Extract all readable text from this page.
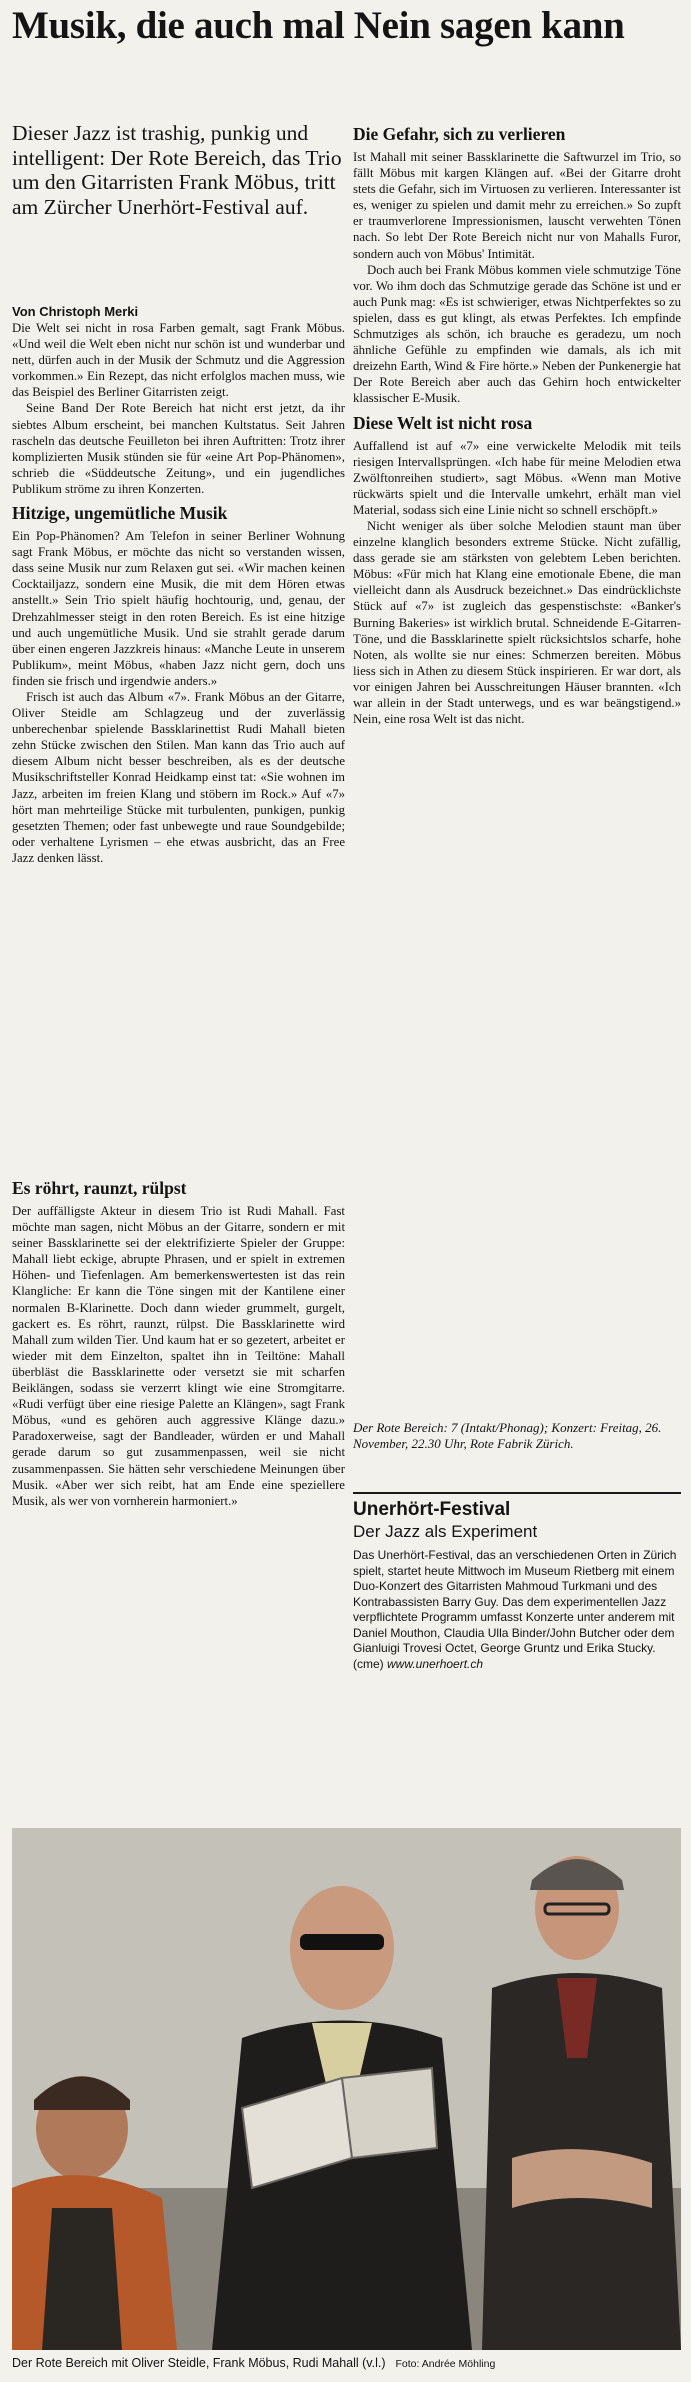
Musik, die auch mal Nein sagen kann

Dieser Jazz ist trashig, punkig und intelligent: Der Rote Bereich, das Trio um den Gitarristen Frank Möbus, tritt am Zürcher Unerhört-Festival auf.

Von Christoph Merki

Die Welt sei nicht in rosa Farben gemalt, sagt Frank Möbus. «Und weil die Welt eben nicht nur schön ist und wunderbar und nett, dürfen auch in der Musik der Schmutz und die Aggression vorkommen.» Ein Rezept, das nicht erfolglos machen muss, wie das Beispiel des Berliner Gitarristen zeigt.

Seine Band Der Rote Bereich hat nicht erst jetzt, da ihr siebtes Album erscheint, bei manchen Kultstatus. Seit Jahren rascheln das deutsche Feuilleton bei ihren Auftritten: Trotz ihrer komplizierten Musik stünden sie für «eine Art Pop-Phänomen», schrieb die «Süddeutsche Zeitung», und ein jugendliches Publikum ströme zu ihren Konzerten.

Hitzige, ungemütliche Musik

Ein Pop-Phänomen? Am Telefon in seiner Berliner Wohnung sagt Frank Möbus, er möchte das nicht so verstanden wissen, dass seine Musik nur zum Relaxen gut sei. «Wir machen keinen Cocktailjazz, sondern eine Musik, die mit dem Hören etwas anstellt.» Sein Trio spielt häufig hochtourig, und, genau, der Drehzahlmesser steigt in den roten Bereich. Es ist eine hitzige und auch ungemütliche Musik. Und sie strahlt gerade darum über einen engeren Jazzkreis hinaus: «Manche Leute in unserem Publikum», meint Möbus, «haben Jazz nicht gern, doch uns finden sie frisch und irgendwie anders.»

Frisch ist auch das Album «7». Frank Möbus an der Gitarre, Oliver Steidle am Schlagzeug und der zuverlässig unberechenbar spielende Bassklarinettist Rudi Mahall bieten zehn Stücke zwischen den Stilen. Man kann das Trio auch auf diesem Album nicht besser beschreiben, als es der deutsche Musikschriftsteller Konrad Heidkamp einst tat: «Sie wohnen im Jazz, arbeiten im freien Klang und stöbern im Rock.» Auf «7» hört man mehrteilige Stücke mit turbulenten, punkigen, punkig gesetzten Themen; oder fast unbewegte und raue Soundgebilde; oder verhaltene Lyrismen – ehe etwas ausbricht, das an Free Jazz denken lässt.

Es röhrt, raunzt, rülpst

Der auffälligste Akteur in diesem Trio ist Rudi Mahall. Fast möchte man sagen, nicht Möbus an der Gitarre, sondern er mit seiner Bassklarinette sei der elektrifizierte Spieler der Gruppe: Mahall liebt eckige, abrupte Phrasen, und er spielt in extremen Höhen- und Tiefenlagen. Am bemerkenswertesten ist das rein Klangliche: Er kann die Töne singen mit der Kantilene einer normalen B-Klarinette. Doch dann wieder grummelt, gurgelt, gackert es. Es röhrt, raunzt, rülpst. Die Bassklarinette wird Mahall zum wilden Tier. Und kaum hat er so gezetert, arbeitet er wieder mit dem Einzelton, spaltet ihn in Teiltöne: Mahall überbläst die Bassklarinette oder versetzt sie mit scharfen Beiklängen, sodass sie verzerrt klingt wie eine Stromgitarre. «Rudi verfügt über eine riesige Palette an Klängen», sagt Frank Möbus, «und es gehören auch aggressive Klänge dazu.» Paradoxerweise, sagt der Bandleader, würden er und Mahall gerade darum so gut zusammenpassen, weil sie nicht zusammenpassen. Sie hätten sehr verschiedene Meinungen über Musik. «Aber wer sich reibt, hat am Ende eine speziellere Musik, als wer von vornherein harmoniert.»

Die Gefahr, sich zu verlieren

Ist Mahall mit seiner Bassklarinette die Saftwurzel im Trio, so fällt Möbus mit kargen Klängen auf. «Bei der Gitarre droht stets die Gefahr, sich im Virtuosen zu verlieren. Interessanter ist es, weniger zu spielen und damit mehr zu erreichen.» So zupft er traumverlorene Impressionismen, lauscht verwehten Tönen nach. So lebt Der Rote Bereich nicht nur von Mahalls Furor, sondern auch von Möbus' Intimität.

Doch auch bei Frank Möbus kommen viele schmutzige Töne vor. Wo ihm doch das Schmutzige gerade das Schöne ist und er auch Punk mag: «Es ist schwieriger, etwas Nichtperfektes so zu spielen, dass es gut klingt, als etwas Perfektes. Ich empfinde Schmutziges als schön, ich brauche es geradezu, um noch ähnliche Gefühle zu empfinden wie damals, als ich mit dreizehn Earth, Wind & Fire hörte.» Neben der Punkenergie hat Der Rote Bereich aber auch das Gehirn hoch entwickelter klassischer E-Musik.

Diese Welt ist nicht rosa

Auffallend ist auf «7» eine verwickelte Melodik mit teils riesigen Intervallsprüngen. «Ich habe für meine Melodien etwa Zwölftonreihen studiert», sagt Möbus. «Wenn man Motive rückwärts spielt und die Intervalle umkehrt, erhält man viel Material, sodass sich eine Linie nicht so schnell erschöpft.»

Nicht weniger als über solche Melodien staunt man über einzelne klanglich besonders extreme Stücke. Nicht zufällig, dass gerade sie am stärksten von gelebtem Leben berichten. Möbus: «Für mich hat Klang eine emotionale Ebene, die man vielleicht dann als Ausdruck bezeichnet.» Das eindrücklichste Stück auf «7» ist zugleich das gespenstischste: «Banker's Burning Bakeries» ist wirklich brutal. Schneidende E-Gitarren-Töne, und die Bassklarinette spielt rücksichtslos scharfe, hohe Noten, als wollte sie nur eines: Schmerzen bereiten. Möbus liess sich in Athen zu diesem Stück inspirieren. Er war dort, als vor einigen Jahren bei Ausschreitungen Häuser brannten. «Ich war allein in der Stadt unterwegs, und es war beängstigend.» Nein, eine rosa Welt ist das nicht.

Der Rote Bereich: 7 (Intakt/Phonag); Konzert: Freitag, 26. November, 22.30 Uhr, Rote Fabrik Zürich.
Unerhört-Festival
Der Jazz als Experiment

Das Unerhört-Festival, das an verschiedenen Orten in Zürich spielt, startet heute Mittwoch im Museum Rietberg mit einem Duo-Konzert des Gitarristen Mahmoud Turkmani und des Kontrabassisten Barry Guy. Das dem experimentellen Jazz verpflichtete Programm umfasst Konzerte unter anderem mit Daniel Mouthon, Claudia Ulla Binder/John Butcher oder dem Gianluigi Trovesi Octet, George Gruntz und Erika Stucky. (cme) www.unerhoert.ch

Der Rote Bereich mit Oliver Steidle, Frank Möbus, Rudi Mahall (v.l.) Foto: Andrée Möhling
